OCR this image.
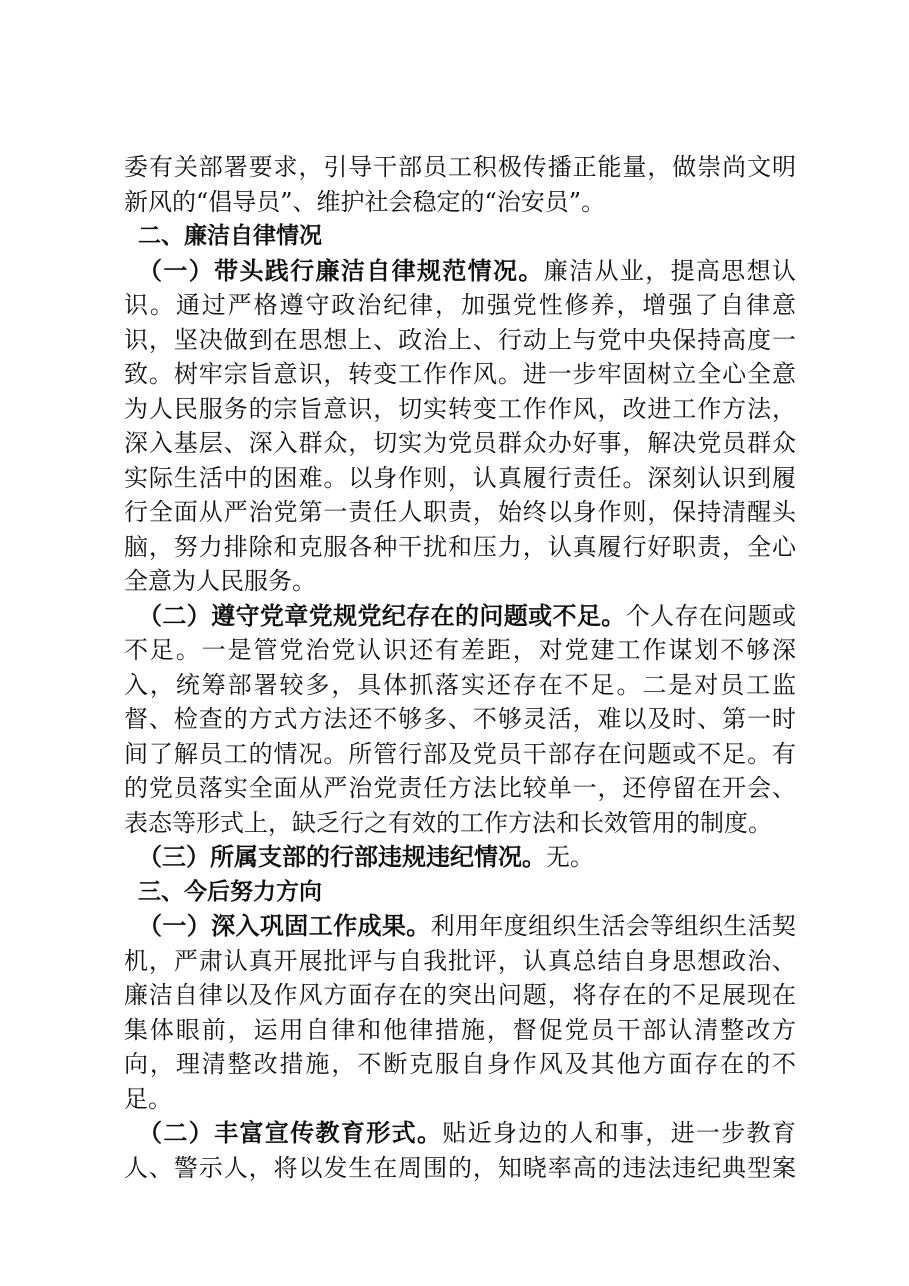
委有关部署要求，引导干部员工积极传播正能量，做崇尚文明
新风的“倡导员”、维护社会稳定的“治安员”。
二、廉洁自律情况
（一）带头践行廉洁自律规范情况。廉洁从业，提高思想认
识。通过严格遵守政治纪律，加强党性修养，增强了自律意
识，坚决做到在思想上、政治上、行动上与党中央保持高度一
致。树牢宗旨意识，转变工作作风。进一步牢固树立全心全意
为人民服务的宗旨意识，切实转变工作作风，改进工作方法，
深入基层、深入群众，切实为党员群众办好事，解决党员群众
实际生活中的困难。以身作则，认真履行责任。深刻认识到履
行全面从严治党第一责任人职责，始终以身作则，保持清醒头
脑，努力排除和克服各种干扰和压力，认真履行好职责，全心
全意为人民服务。
（二）遵守党章党规党纪存在的问题或不足。个人存在问题或
不足。一是管党治党认识还有差距，对党建工作谋划不够深
入，统筹部署较多，具体抓落实还存在不足。二是对员工监
督、检查的方式方法还不够多、不够灵活，难以及时、第一时
间了解员工的情况。所管行部及党员干部存在问题或不足。有
的党员落实全面从严治党责任方法比较单一，还停留在开会、
表态等形式上，缺乏行之有效的工作方法和长效管用的制度。
（三）所属支部的行部违规违纪情况。无。
三、今后努力方向
（一）深入巩固工作成果。利用年度组织生活会等组织生活契
机，严肃认真开展批评与自我批评，认真总结自身思想政治、
廉洁自律以及作风方面存在的突出问题，将存在的不足展现在
集体眼前，运用自律和他律措施，督促党员干部认清整改方
向，理清整改措施，不断克服自身作风及其他方面存在的不
足。
（二）丰富宣传教育形式。贴近身边的人和事，进一步教育
人、警示人，将以发生在周围的，知晓率高的违法违纪典型案
